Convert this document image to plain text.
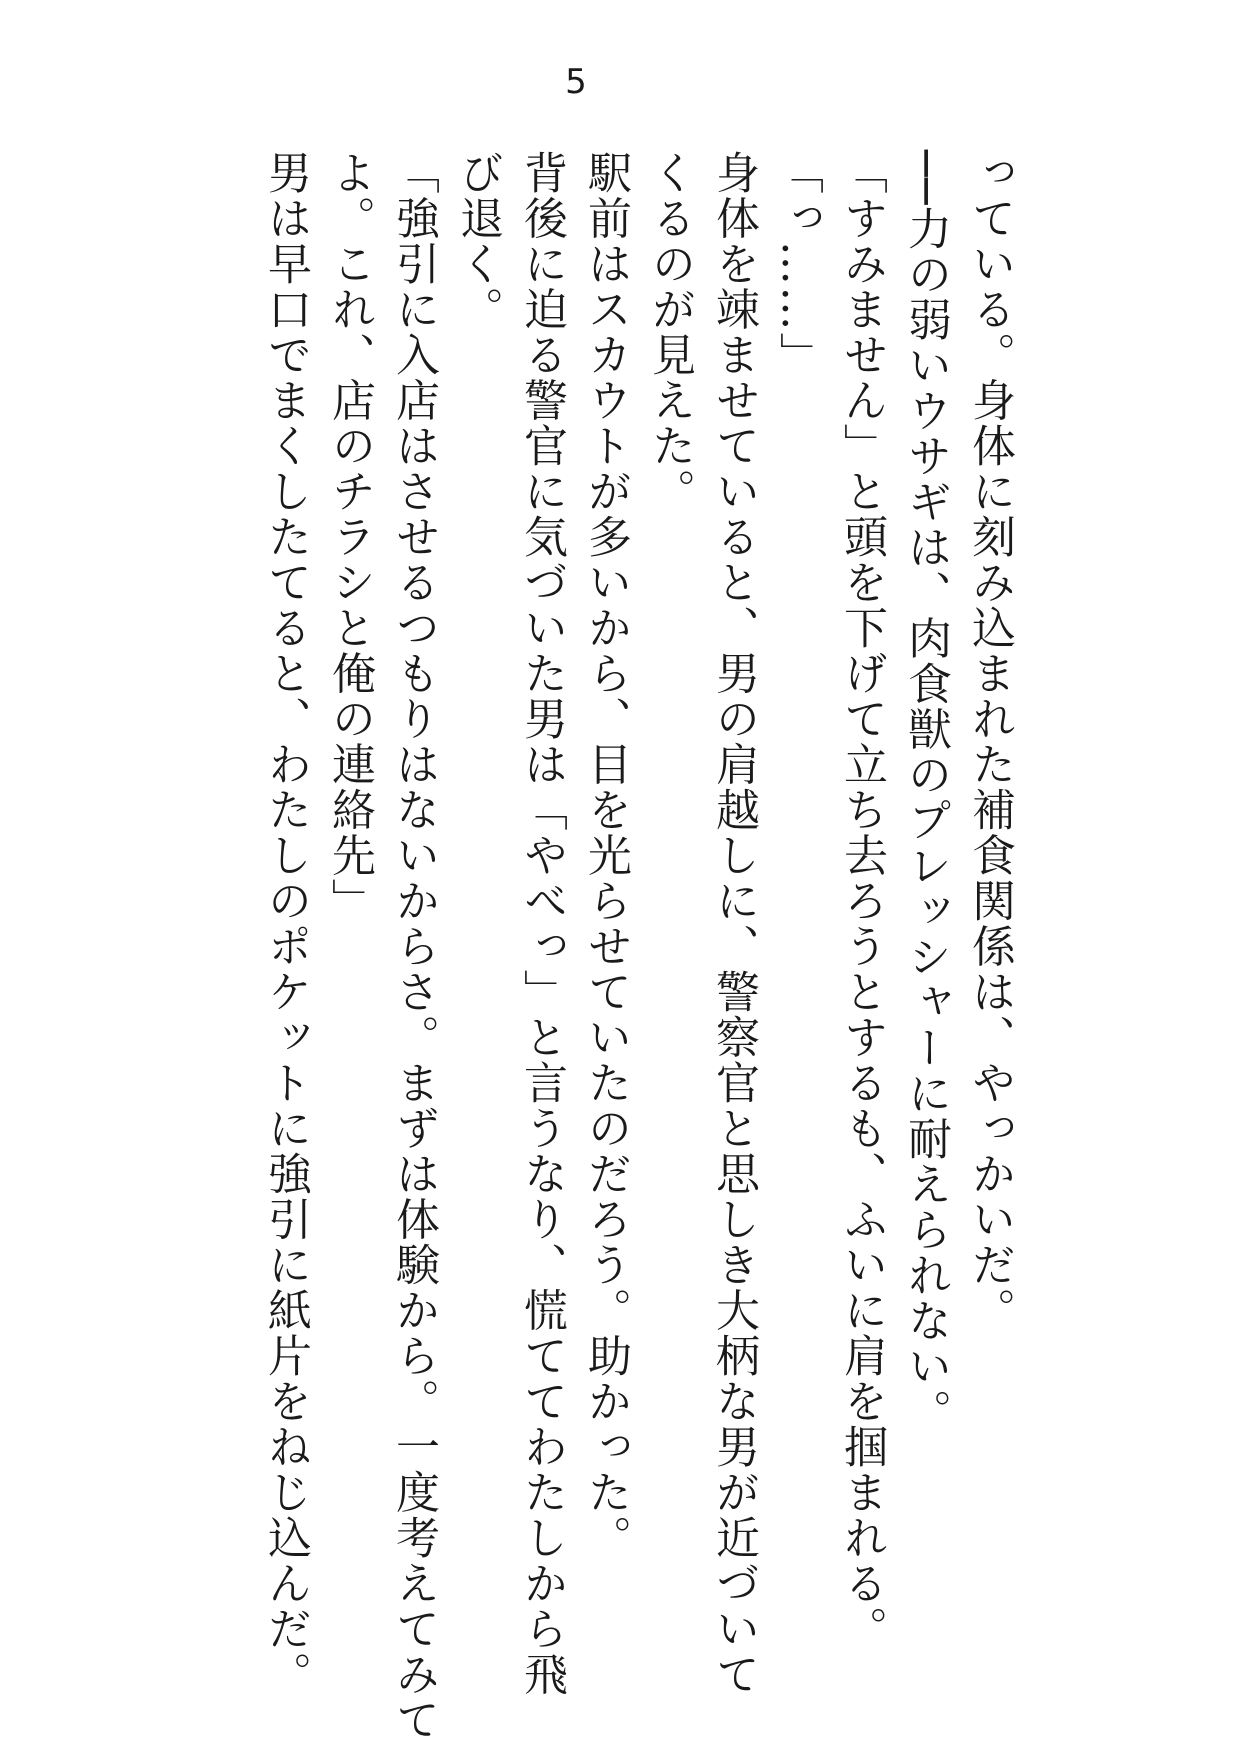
5

っている。身体に刻み込まれた補食関係は、やっかいだ。

──力の弱いウサギは、肉食獣のプレッシャーに耐えられない。

「すみません」と頭を下げて立ち去ろうとするも、ふいに肩を掴まれる。

「っ……」

身体を竦ませていると、男の肩越しに、警察官と思しき大柄な男が近づいて

くるのが見えた。

駅前はスカウトが多いから、目を光らせていたのだろう。助かった。

背後に迫る警官に気づいた男は「やべっ」と言うなり、慌ててわたしから飛

び退く。

「強引に入店はさせるつもりはないからさ。まずは体験から。一度考えてみて

よ。これ、店のチラシと俺の連絡先」

男は早口でまくしたてると、わたしのポケットに強引に紙片をねじ込んだ。
